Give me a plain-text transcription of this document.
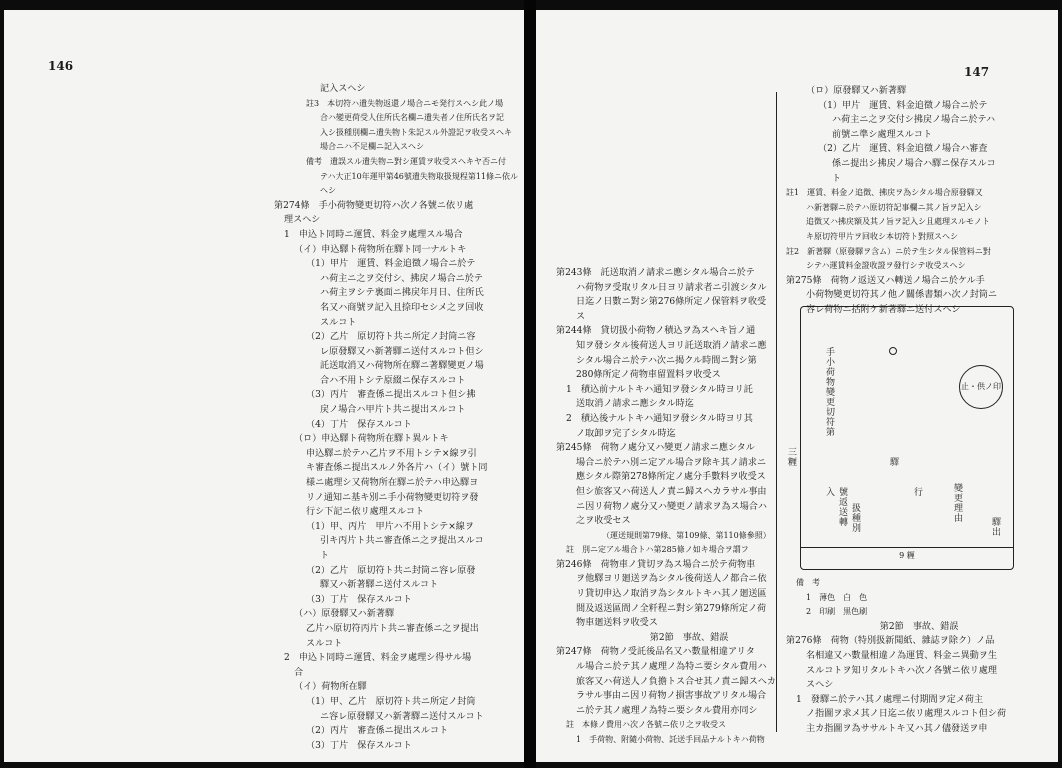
146

記入スヘシ

註3　本切符ハ遺失物返還ノ場合ニモ発行スヘシ此ノ場

合ハ變更荷受人住所氏名欄ニ遺失者ノ住所氏名ヲ記

入シ扱種別欄ニ遺失物ト朱記スル外證記ヲ收受スヘキ

場合ニハ不足欄ニ記入スヘシ

備考　遺誤スル遺失物ニ對シ運賃ヲ收受スヘキヤ否ニ付

テハ大正10年運甲第46號遺失物取扱規程第11條ニ依ル

ヘシ

第274條　手小荷物變更切符ハ次ノ各號ニ依リ處

理スヘシ

1　申込ト同時ニ運賃、料金ヲ處理スル場合

（イ）申込驛ト荷物所在驛ト同一ナルトキ

（1）甲片　運賃、料金追徴ノ場合ニ於テ

ハ荷主ニ之ヲ交付シ、拂戻ノ場合ニ於テ

ハ荷主ヲシテ裏面ニ拂戻年月日、住所氏

名又ハ商號ヲ記入且捺印セシメ之ヲ回收

スルコト

（2）乙片　原切符ト共ニ所定ノ封筒ニ容

レ原發驛又ハ新著驛ニ送付スルコト但シ

託送取消又ハ荷物所在驛ニ著驛變更ノ場

合ハ不用トシテ原綴ニ保存スルコト

（3）丙片　審査係ニ提出スルコト但シ拂

戻ノ場合ハ甲片ト共ニ提出スルコト

（4）丁片　保存スルコト

（ロ）申込驛ト荷物所在驛ト異ルトキ

申込驛ニ於テハ乙片ヲ不用トシテ×線ヲ引

キ審査係ニ提出スルノ外各片ハ（イ）號ト同

様ニ處理シ又荷物所在驛ニ於テハ申込驛ヨ

リノ通知ニ基キ別ニ手小荷物變更切符ヲ發

行シ下記ニ依リ處理スルコト

（1）甲、丙片　甲片ハ不用トシテ×線ヲ

引キ丙片ト共ニ審査係ニ之ヲ提出スルコ

ト

（2）乙片　原切符ト共ニ封筒ニ容レ原發

驛又ハ新著驛ニ送付スルコト

（3）丁片　保存スルコト

（ハ）原發驛又ハ新著驛

乙片ハ原切符丙片ト共ニ審査係ニ之ヲ提出

スルコト

2　申込ト同時ニ運賃、料金ヲ處理シ得サル場

合

（イ）荷物所在驛

（1）甲、乙片　原切符ト共ニ所定ノ封筒

ニ容レ原發驛又ハ新著驛ニ送付スルコト

（2）丙片　審査係ニ提出スルコト

（3）丁片　保存スルコト

147

第243條　託送取消ノ請求ニ應シタル場合ニ於テ

ハ荷物ヲ受取リタル日ヨリ請求者ニ引渡シタル

日迄ノ日數ニ對シ第276條所定ノ保管料ヲ收受

ス

第244條　貸切扱小荷物ノ積込ヲ為スヘキ旨ノ通

知ヲ發シタル後荷送人ヨリ託送取消ノ請求ニ應

シタル場合ニ於テハ次ニ揭クル時間ニ對シ第

280條所定ノ荷物車留置料ヲ收受ス

1　積込前ナルトキハ通知ヲ發シタル時ヨリ託

送取消ノ請求ニ應シタル時迄

2　積込後ナルトキハ通知ヲ發シタル時ヨリ其

ノ取卸ヲ完了シタル時迄

第245條　荷物ノ處分又ハ變更ノ請求ニ應シタル

場合ニ於テハ別ニ定アル場合ヲ除キ其ノ請求ニ

應シタル際第278條所定ノ處分手數料ヲ收受ス

但シ旅客又ハ荷送人ノ責ニ歸スヘカラサル事由

ニ因リ荷物ノ處分又ハ變更ノ請求ヲ為ス場合ハ

之ヲ收受セス

（運送規則第79條、第109條、第110條參照）

註　別ニ定アル場合トハ第285條ノ如キ場合ヲ謂フ

第246條　荷物車ノ貸切ヲ為ス場合ニ於テ荷物車

ヲ他驛ヨリ廻送ヲ為シタル後荷送人ノ都合ニ依

リ貸切申込ノ取消ヲ為シタルトキハ其ノ廻送區

間及返送區間ノ全粁程ニ對シ第279條所定ノ荷

物車廻送料ヲ收受ス

第2節　事故、錯誤

第247條　荷物ノ受託後品名又ハ數量相違アリタ

ル場合ニ於テ其ノ處理ノ為特ニ要シタル費用ハ

旅客又ハ荷送人ノ負擔トス合せ其ノ責ニ歸スヘカ

ラサル事由ニ因リ荷物ノ損害事故アリタル場合

ニ於テ其ノ處理ノ為特ニ要シタル費用亦同シ

註　本條ノ費用ハ次ノ各號ニ依リ之ヲ收受ス

1　手荷物、附隨小荷物、託送手回品ナルトキハ荷物

（ロ）原發驛又ハ新著驛

（1）甲片　運賃、料金追徴ノ場合ニ於テ

ハ荷主ニ之ヲ交付シ拂戻ノ場合ニ於テハ

前號ニ準シ處理スルコト

（2）乙片　運賃、料金追徴ノ場合ハ審査

係ニ提出シ拂戻ノ場合ハ驛ニ保存スルコ

ト

註1　運賃、料金ノ追徴、拂戻ヲ為シタル場合原發驛又

ハ新著驛ニ於テハ原切符記事欄ニ其ノ旨ヲ記入シ

追徴又ハ拂戻額及其ノ旨ヲ記入シ且處理スルモノト

キ原切符甲片ヲ回收シ本切符ト對照スヘシ

註2　新著驛（原發驛ヲ含ム）ニ於テ生シタル保管料ニ對

シテハ運賃料金證收證ヲ發行シテ收受スヘシ

第275條　荷物ノ返送又ハ轉送ノ場合ニ於ケル手

小荷物變更切符其ノ他ノ關係書類ハ次ノ封筒ニ

容レ荷物ニ括附ケ新著驛ニ送付スヘシ

手小荷物變更切符第
號返送轉入
扱種別
止・供ノ印
驛
行	變更理由
驛出
三糎
9 糎

備　考

1　薄色　白　色

2　印刷　黒色刷

第2節　事故、錯誤

第276條　荷物（特別扱新聞紙、雜誌ヲ除ク）ノ品

名相違又ハ數量相違ノ為運賃、料金ニ異動ヲ生

スルコトヲ知リタルトキハ次ノ各號ニ依リ處理

スヘシ

1　發驛ニ於テハ其ノ處理ニ付期間ヲ定メ荷主

ノ指圖ヲ求メ其ノ日迄ニ依リ處理スルコト但シ荷

主カ指圖ヲ為ササルトキ又ハ其ノ儘發送ヲ申
